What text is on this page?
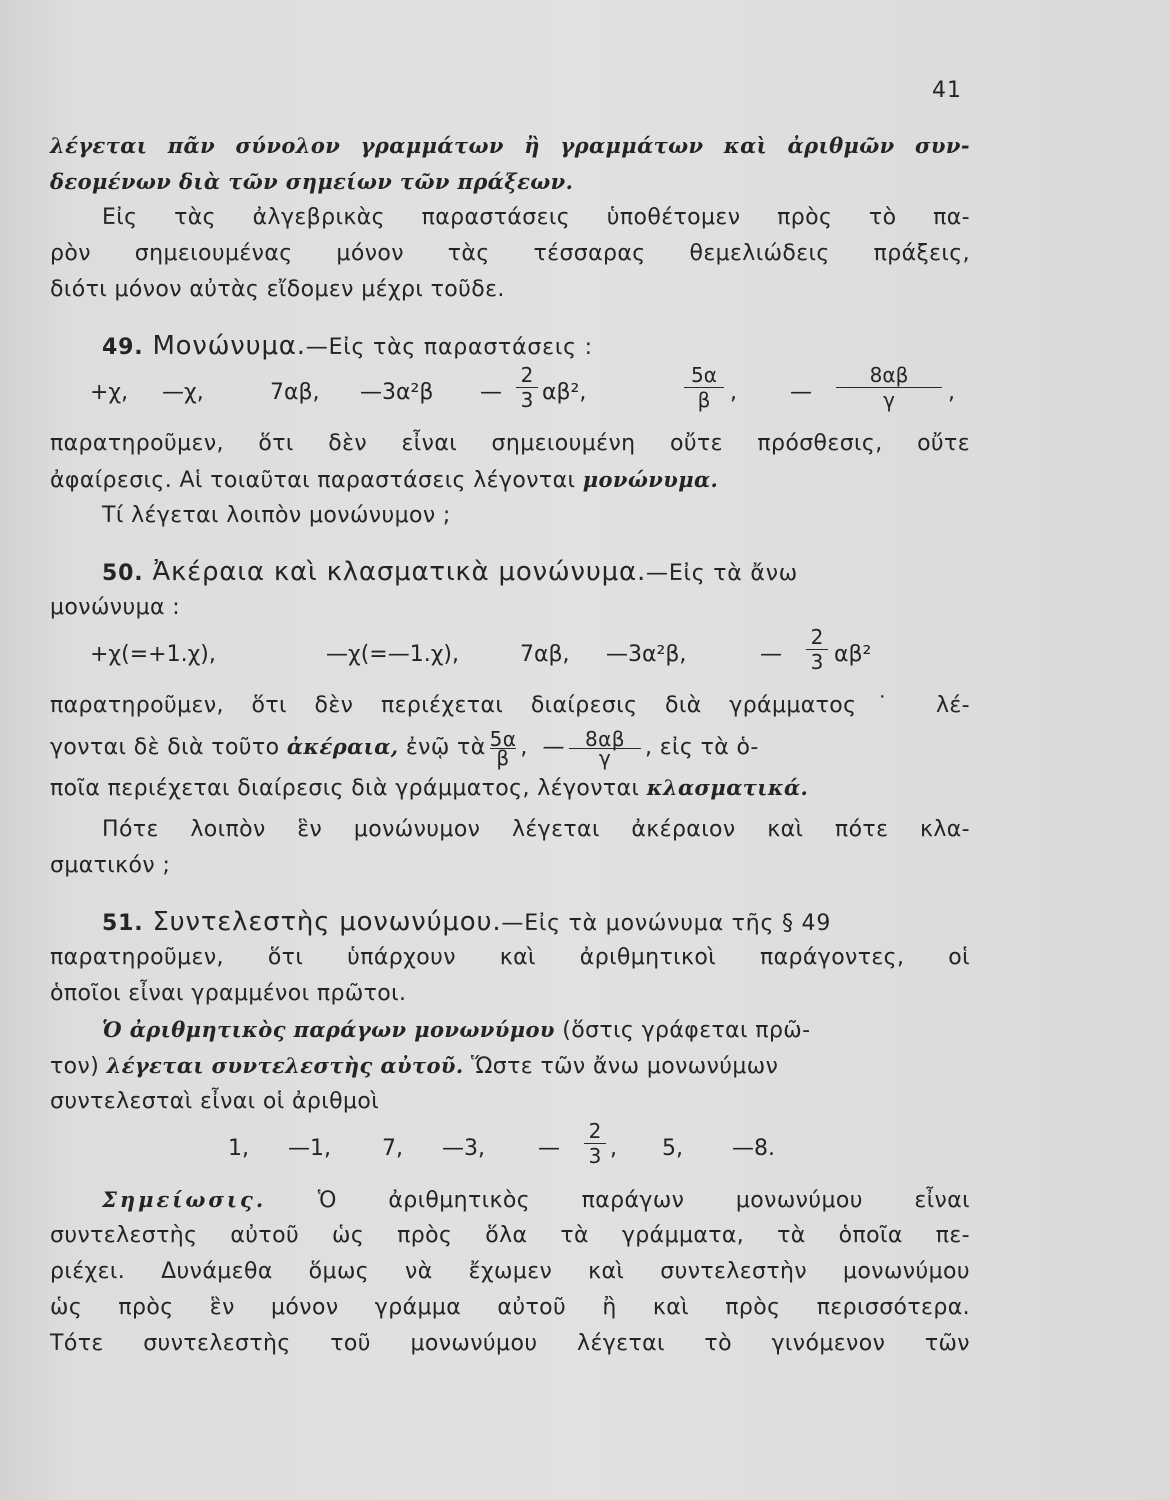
41
λέγεται πᾶν σύνολον γραμμάτων ἢ γραμμάτων καὶ ἀριθμῶν συν-
δεομένων διὰ τῶν σημείων τῶν πράξεων.
Εἰς τὰς ἀλγεβρικὰς παραστάσεις ὑποθέτομεν πρὸς τὸ πα-
ρὸν σημειουμένας μόνον τὰς τέσσαρας θεμελιώδεις πράξεις,
διότι μόνον αὐτὰς εἴδομεν μέχρι τοῦδε.
49. Μονώνυμα.—Εἰς τὰς παραστάσεις :
+χ, —χ,	7αβ, —3α²β —
2
3 αβ²,
5α
β , —
8αβ
γ	,
παρατηροῦμεν, ὅτι δὲν εἶναι σημειουμένη οὔτε πρόσθεσις, οὔτε
ἀφαίρεσις. Αἱ τοιαῦται παραστάσεις λέγονται μονώνυμα.
Τί λέγεται λοιπὸν μονώνυμον ;
50. Ἀκέραια καὶ κλασματικὰ μονώνυμα.—Εἰς τὰ ἄνω
μονώνυμα :
+χ(=+1.χ),	—χ(=—1.χ),	7αβ, —3α²β,	—
2
3 αβ²
παρατηροῦμεν, ὅτι δὲν περιέχεται διαίρεσις διὰ γράμματος˙ λέ-
γονται δὲ διὰ τοῦτο ἀκέραια, ἐνῷ τὰ $\frac{5\alpha}{\beta}$ , — $\frac{8\alpha\beta}{\gamma}$ , εἰς τὰ ὁ-
ποῖα περιέχεται διαίρεσις διὰ γράμματος, λέγονται κλασματικά.
Πότε λοιπὸν ἓν μονώνυμον λέγεται ἀκέραιον καὶ πότε κλα-
σματικόν ;
51. Συντελεστὴς μονωνύμου.—Εἰς τὰ μονώνυμα τῆς § 49
παρατηροῦμεν, ὅτι ὑπάρχουν καὶ ἀριθμητικοὶ παράγοντες, οἱ
ὁποῖοι εἶναι γραμμένοι πρῶτοι.
Ὁ ἀριθμητικὸς παράγων μονωνύμου (ὅστις γράφεται πρῶ-
τον) λέγεται συντελεστὴς αὐτοῦ. Ὥστε τῶν ἄνω μονωνύμων
συντελεσταὶ εἶναι οἱ ἀριθμοὶ
1, —1, 7, —3, —
2
3 , 5, —8.
Σημείωσις. Ὁ ἀριθμητικὸς παράγων μονωνύμου εἶναι
συντελεστὴς αὐτοῦ ὡς πρὸς ὅλα τὰ γράμματα, τὰ ὁποῖα πε-
ριέχει. Δυνάμεθα ὅμως νὰ ἔχωμεν καὶ συντελεστὴν μονωνύμου
ὡς πρὸς ἓν μόνον γράμμα αὐτοῦ ἢ καὶ πρὸς περισσότερα.
Τότε συντελεστὴς τοῦ μονωνύμου λέγεται τὸ γινόμενον τῶν
